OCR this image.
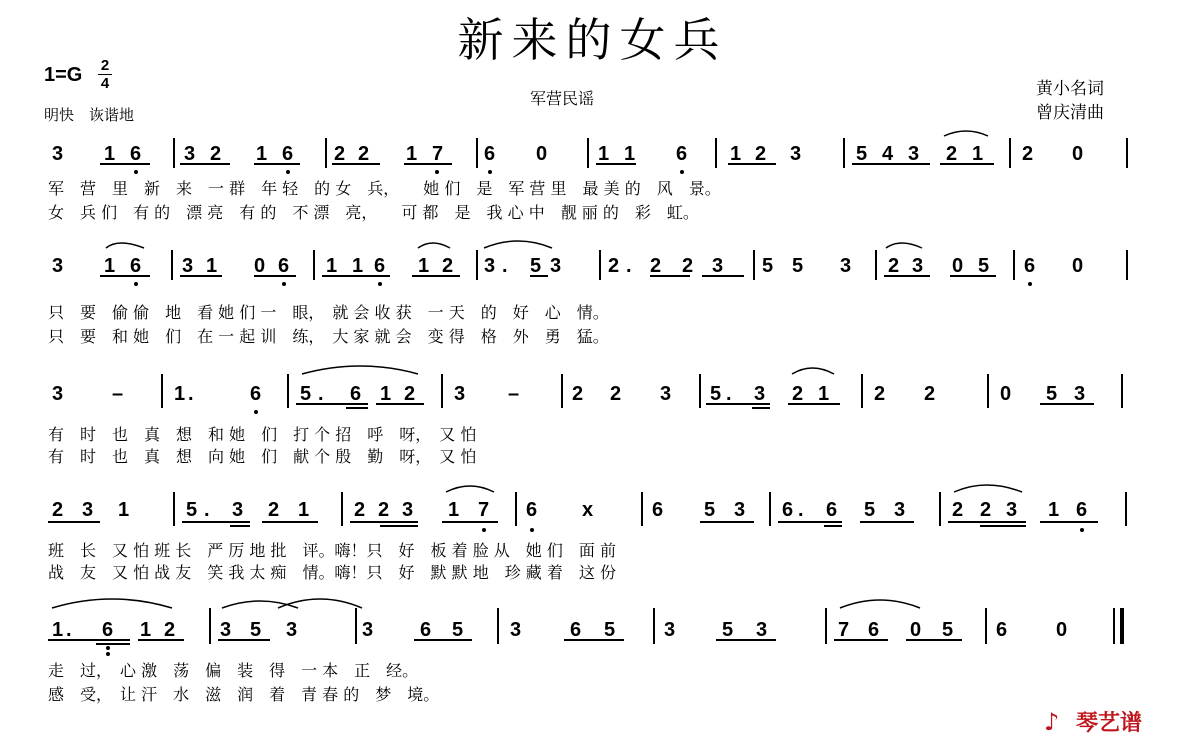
新来的女兵
1=G 2
4
明快　诙谐地
军营民谣	黄小名词
曾庆清曲
3 1 6 3 2 1 6 2 2 1 7 6 0	1 1 6 1 2 3	5 4 3 2 1 2 0
军　营　里　新　来　一 群　年 轻　的 女　兵，　　她 们　是　军 营 里　最 美 的　风　景。
女　兵 们　有 的　漂 亮　有 的　不 漂　亮，　　可 都　是　我 心 中　靓 丽 的　彩　虹。
3 1 6 3 1 0 6 1 1 6 1 2 3 . 5 3 2 . 2 2 3 5 5 3 2 3 0 5 6 0
只　要　偷 偷　地　看 她 们 一　眼，　就 会 收 获　一 天　的　好　心　情。
只　要　和 她　们　在 一 起 训　练，　大 家 就 会　变 得　格　外　勇　猛。
3 –	1 .	6 5 . 6 1 2 3 –	2 2 3 5 . 3 2 1 2 2	0 5 3
有　时　也　真　想　和 她　们　打 个 招　呼　呀，　又 怕
有　时　也　真　想　向 她　们　献 个 殷　勤　呀，　又 怕
2 3 1	5 . 3 2 1 2 2 3 1 7 6 x	6 5 3 6 . 6 5 3 2 2 3 1 6
班　长　又 怕 班 长　严 厉 地 批　评。嗨！只　好　板 着 脸 从　她 们　面 前
战　友　又 怕 战 友　笑 我 太 痴　情。嗨！只　好　默 默 地　珍 藏 着　这 份
1 . 6 1 2 3 5 3	3 6 5 3 6 5 3 5 3	7 6 0 5 6 0
走　过，　心 激　荡　偏　装　得　一 本　正　经。
感　受，　让 汗　水　滋　润　着　青 春 的　梦　境。
♪ 琴艺谱
